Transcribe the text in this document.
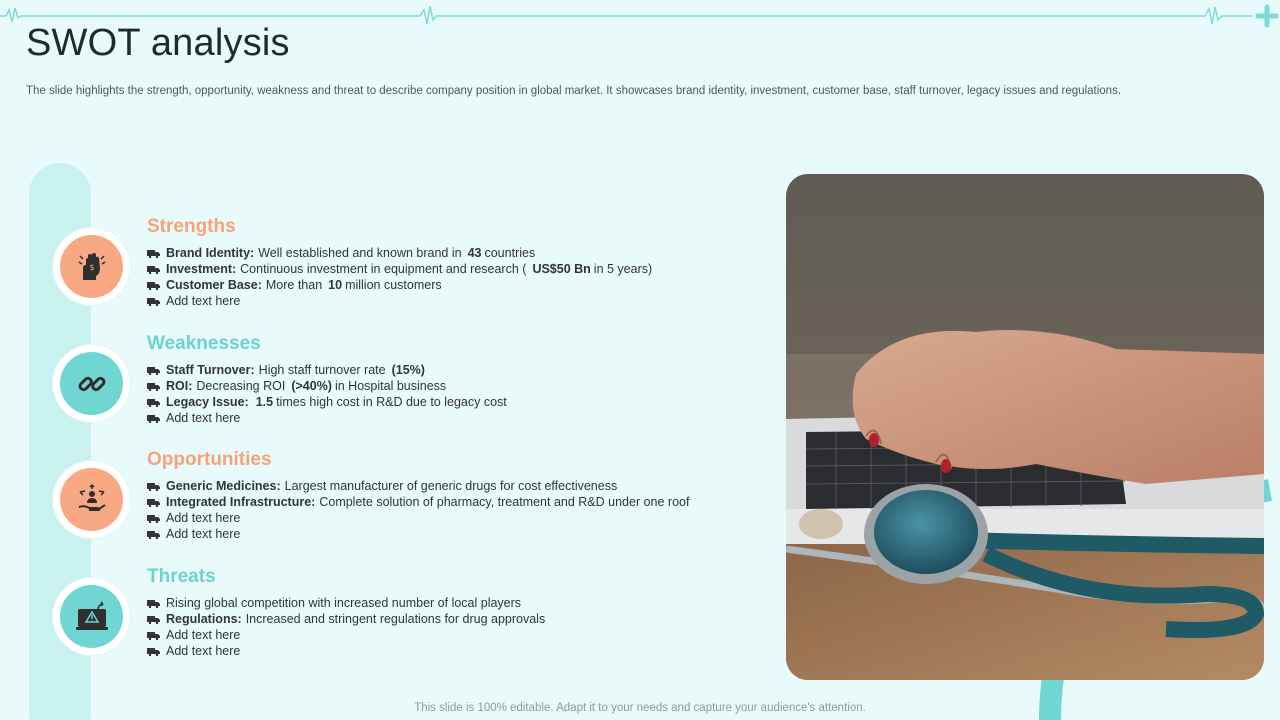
SWOT analysis

The slide highlights the strength, opportunity, weakness and threat to describe company position in global market. It showcases brand identity, investment, customer base, staff turnover, legacy issues and regulations.

$
Strengths
Brand Identity: Well established and known brand in 43 countries
Investment: Continuous investment in equipment and research ( US$50 Bn in 5 years)
Customer Base: More than 10 million customers
Add text here
Weaknesses
Staff Turnover: High staff turnover rate (15%)
ROI: Decreasing ROI (>40%) in Hospital business
Legacy Issue: 1.5 times high cost in R&D due to legacy cost
Add text here
Opportunities
Generic Medicines: Largest manufacturer of generic drugs for cost effectiveness
Integrated Infrastructure: Complete solution of pharmacy, treatment and R&D under one roof
Add text here
Add text here
Threats
Rising global competition with increased number of local players
Regulations: Increased and stringent regulations for drug approvals
Add text here
Add text here

This slide is 100% editable. Adapt it to your needs and capture your audience's attention.
